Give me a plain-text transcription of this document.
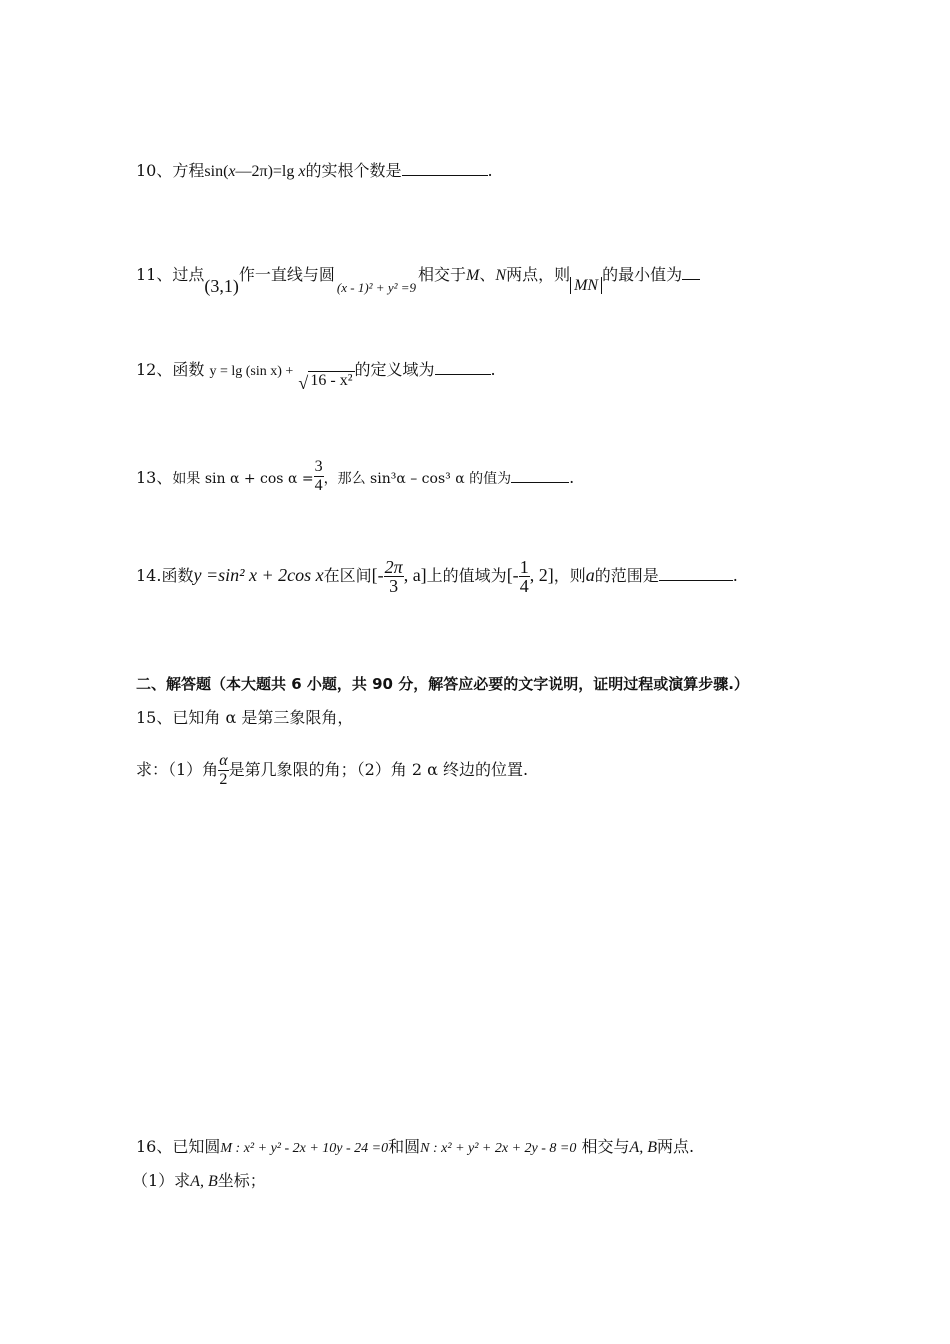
10、方程sin(x—2π)=lg x的实根个数是	.
11、过点(3,1)作一直线与圆$_{(x - 1)^2 + y^2 =9}$相交于M、N两点，则MN的最小值为
12、函数 y = lg (sin x) +
√ 16 - x²的定义域为	.
13、如果 $\sin \alpha + \cos \alpha = \frac{3}{4}$ ，那么 sin³α – cos³ α 的值为	.
14.函数y =sin² x + 2cos x在区间[- $\frac{2\pi}{3}$ , a]上的值域为[- $\frac{1}{4}$ , 2]，则a的范围是	.
二、解答题（本大题共 6 小题，共 90 分，解答应必要的文字说明，证明过程或演算步骤.）
15、已知角 α 是第三象限角，
求：（1）角 $\frac{\alpha}{2}$ 是第几象限的角；（2）角 2 α 终边的位置.
16、已知圆M : x² + y² - 2x + 10y - 24 =0和圆N : x² + y² + 2x + 2y - 8 =0 相交与A, B两点.
（1）求A, B坐标；
